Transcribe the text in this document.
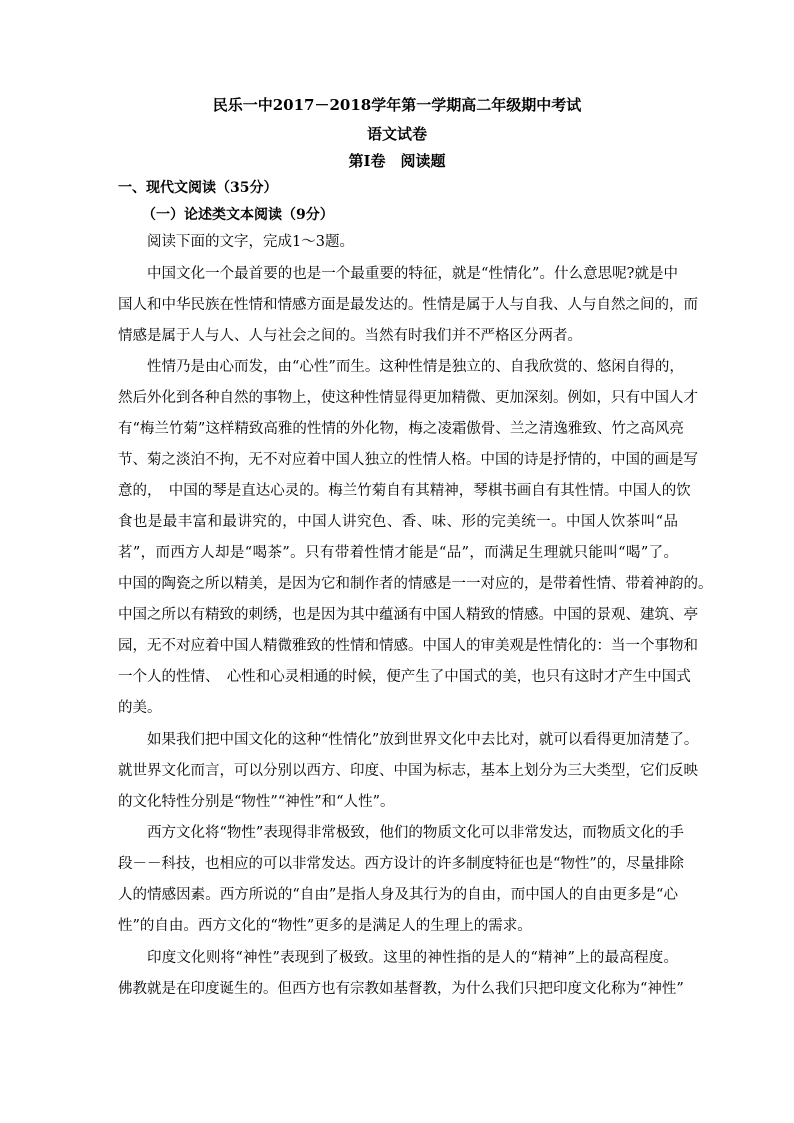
民乐一中2017－2018学年第一学期高二年级期中考试
语文试卷
第Ⅰ卷　阅读题
一、现代文阅读（35分）
（一）论述类文本阅读（9分）
阅读下面的文字，完成1～3题。
中国文化一个最首要的也是一个最重要的特征，就是“性情化”。什么意思呢?就是中
国人和中华民族在性情和情感方面是最发达的。性情是属于人与自我、人与自然之间的，而
情感是属于人与人、人与社会之间的。当然有时我们并不严格区分两者。
性情乃是由心而发，由“心性”而生。这种性情是独立的、自我欣赏的、悠闲自得的，
然后外化到各种自然的事物上，使这种性情显得更加精微、更加深刻。例如，只有中国人才
有“梅兰竹菊”这样精致高雅的性情的外化物，梅之凌霜傲骨、兰之清逸雅致、竹之高风亮
节、菊之淡泊不拘，无不对应着中国人独立的性情人格。中国的诗是抒情的，中国的画是写
意的，　中国的琴是直达心灵的。梅兰竹菊自有其精神，琴棋书画自有其性情。中国人的饮
食也是最丰富和最讲究的，中国人讲究色、香、味、形的完美统一。中国人饮茶叫“品
茗”，而西方人却是“喝茶”。只有带着性情才能是“品”，而满足生理就只能叫“喝”了。
中国的陶瓷之所以精美，是因为它和制作者的情感是一一对应的，是带着性情、带着神韵的。
中国之所以有精致的刺绣，也是因为其中蕴涵有中国人精致的情感。中国的景观、建筑、亭
园，无不对应着中国人精微雅致的性情和情感。中国人的审美观是性情化的：当一个事物和
一个人的性情、　心性和心灵相通的时候，便产生了中国式的美，也只有这时才产生中国式
的美。
如果我们把中国文化的这种“性情化”放到世界文化中去比对，就可以看得更加清楚了。
就世界文化而言，可以分别以西方、印度、中国为标志，基本上划分为三大类型，它们反映
的文化特性分别是“物性”“神性”和“人性”。
西方文化将“物性”表现得非常极致，他们的物质文化可以非常发达，而物质文化的手
段－－科技，也相应的可以非常发达。西方设计的许多制度特征也是“物性”的，尽量排除
人的情感因素。西方所说的“自由”是指人身及其行为的自由，而中国人的自由更多是“心
性”的自由。西方文化的“物性”更多的是满足人的生理上的需求。
印度文化则将“神性”表现到了极致。这里的神性指的是人的“精神”上的最高程度。
佛教就是在印度诞生的。但西方也有宗教如基督教，为什么我们只把印度文化称为“神性”
